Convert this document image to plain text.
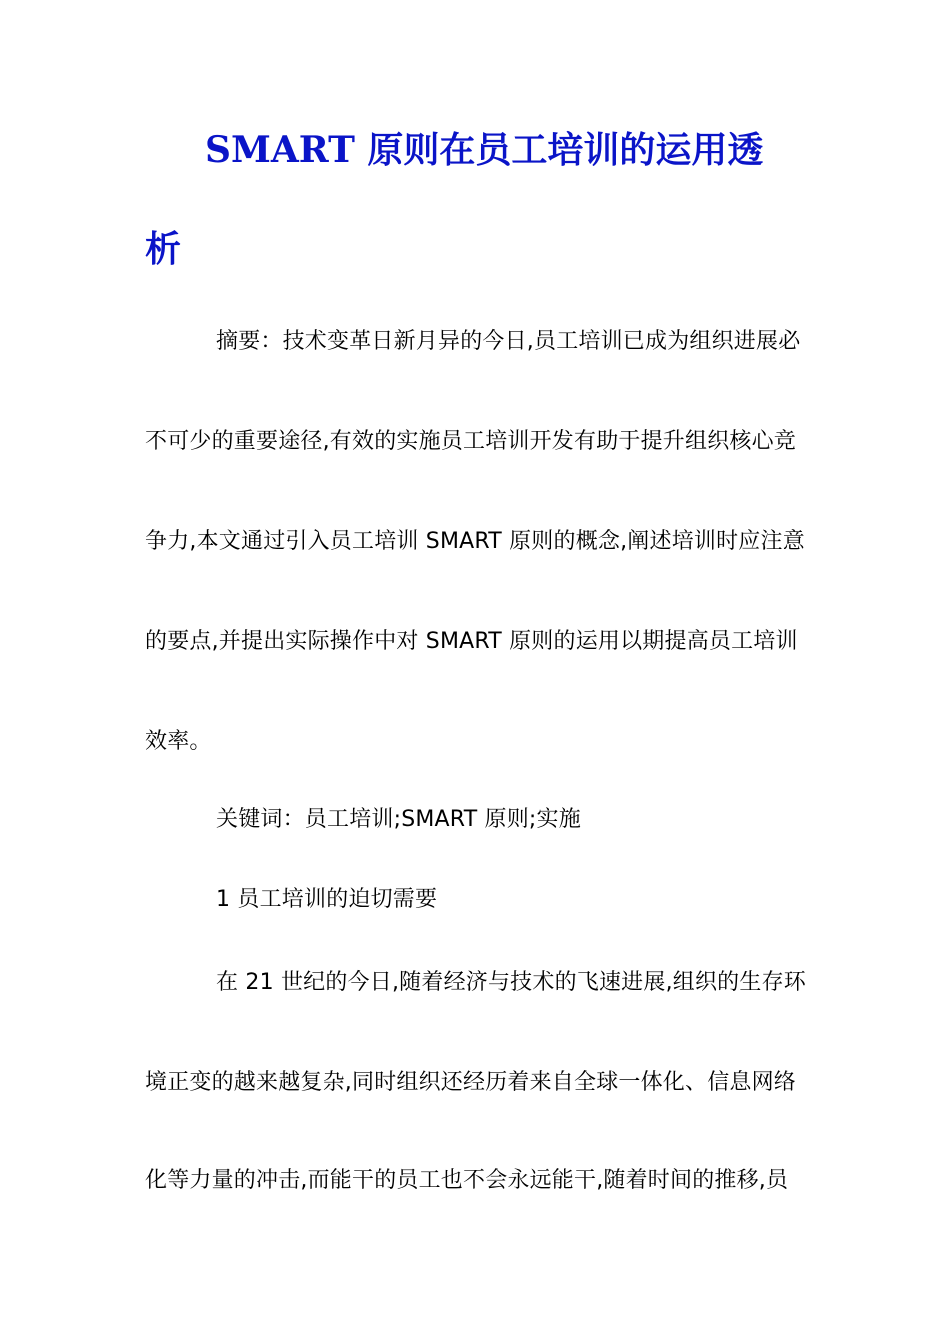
SMART 原则在员工培训的运用透
析

摘要：技术变革日新月异的今日,员工培训已成为组织进展必

不可少的重要途径,有效的实施员工培训开发有助于提升组织核心竞

争力,本文通过引入员工培训 SMART 原则的概念,阐述培训时应注意

的要点,并提出实际操作中对 SMART 原则的运用以期提高员工培训

效率。

关键词：员工培训;SMART 原则;实施

1 员工培训的迫切需要

在 21 世纪的今日,随着经济与技术的飞速进展,组织的生存环

境正变的越来越复杂,同时组织还经历着来自全球一体化、信息网络

化等力量的冲击,而能干的员工也不会永远能干,随着时间的推移,员
